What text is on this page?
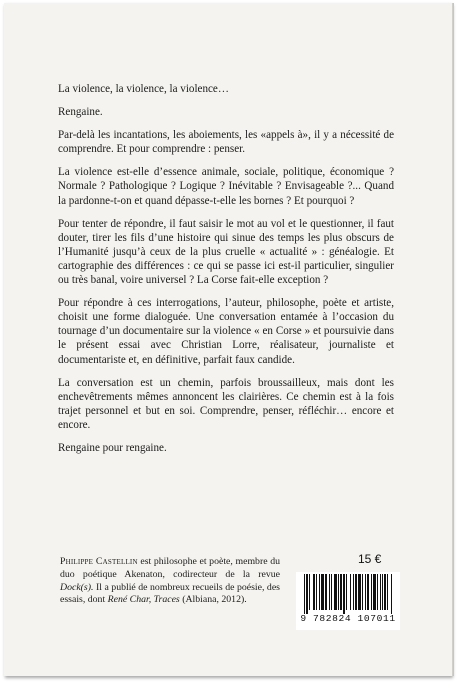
La violence, la violence, la violence…

Rengaine.

Par-delà les incantations, les aboiements, les «appels à», il y a nécessité de comprendre. Et pour comprendre : penser.

La violence est-elle d’essence animale, sociale, politique, économique ? Normale ? Pathologique ? Logique ? Inévitable ? Envisageable ?... Quand la pardonne-t-on et quand dépasse-t-elle les bornes ? Et pourquoi ?

Pour tenter de répondre, il faut saisir le mot au vol et le questionner, il faut douter, tirer les fils d’une histoire qui sinue des temps les plus obscurs de l’Humanité jusqu’à ceux de la plus cruelle « actualité » : généalogie. Et cartographie des différences : ce qui se passe ici est-il particulier, singulier ou très banal, voire universel ? La Corse fait-elle exception ?

Pour répondre à ces interrogations, l’auteur, philosophe, poète et artiste, choisit une forme dialoguée. Une conversation entamée à l’occasion du tournage d’un documentaire sur la violence « en Corse » et poursuivie dans le présent essai avec Christian Lorre, réalisateur, journaliste et documentariste et, en définitive, parfait faux candide.

La conversation est un chemin, parfois broussailleux, mais dont les enchevêtrements mêmes annoncent les clairières. Ce chemin est à la fois trajet personnel et but en soi. Comprendre, penser, réfléchir… encore et encore.

Rengaine pour rengaine.

Philippe Castellin est philosophe et poète, membre du duo poétique Akenaton, codirecteur de la revue Dock(s). Il a publié de nombreux recueils de poésie, des essais, dont René Char, Traces (Albiana, 2012).
15 €
9 782824 107011
